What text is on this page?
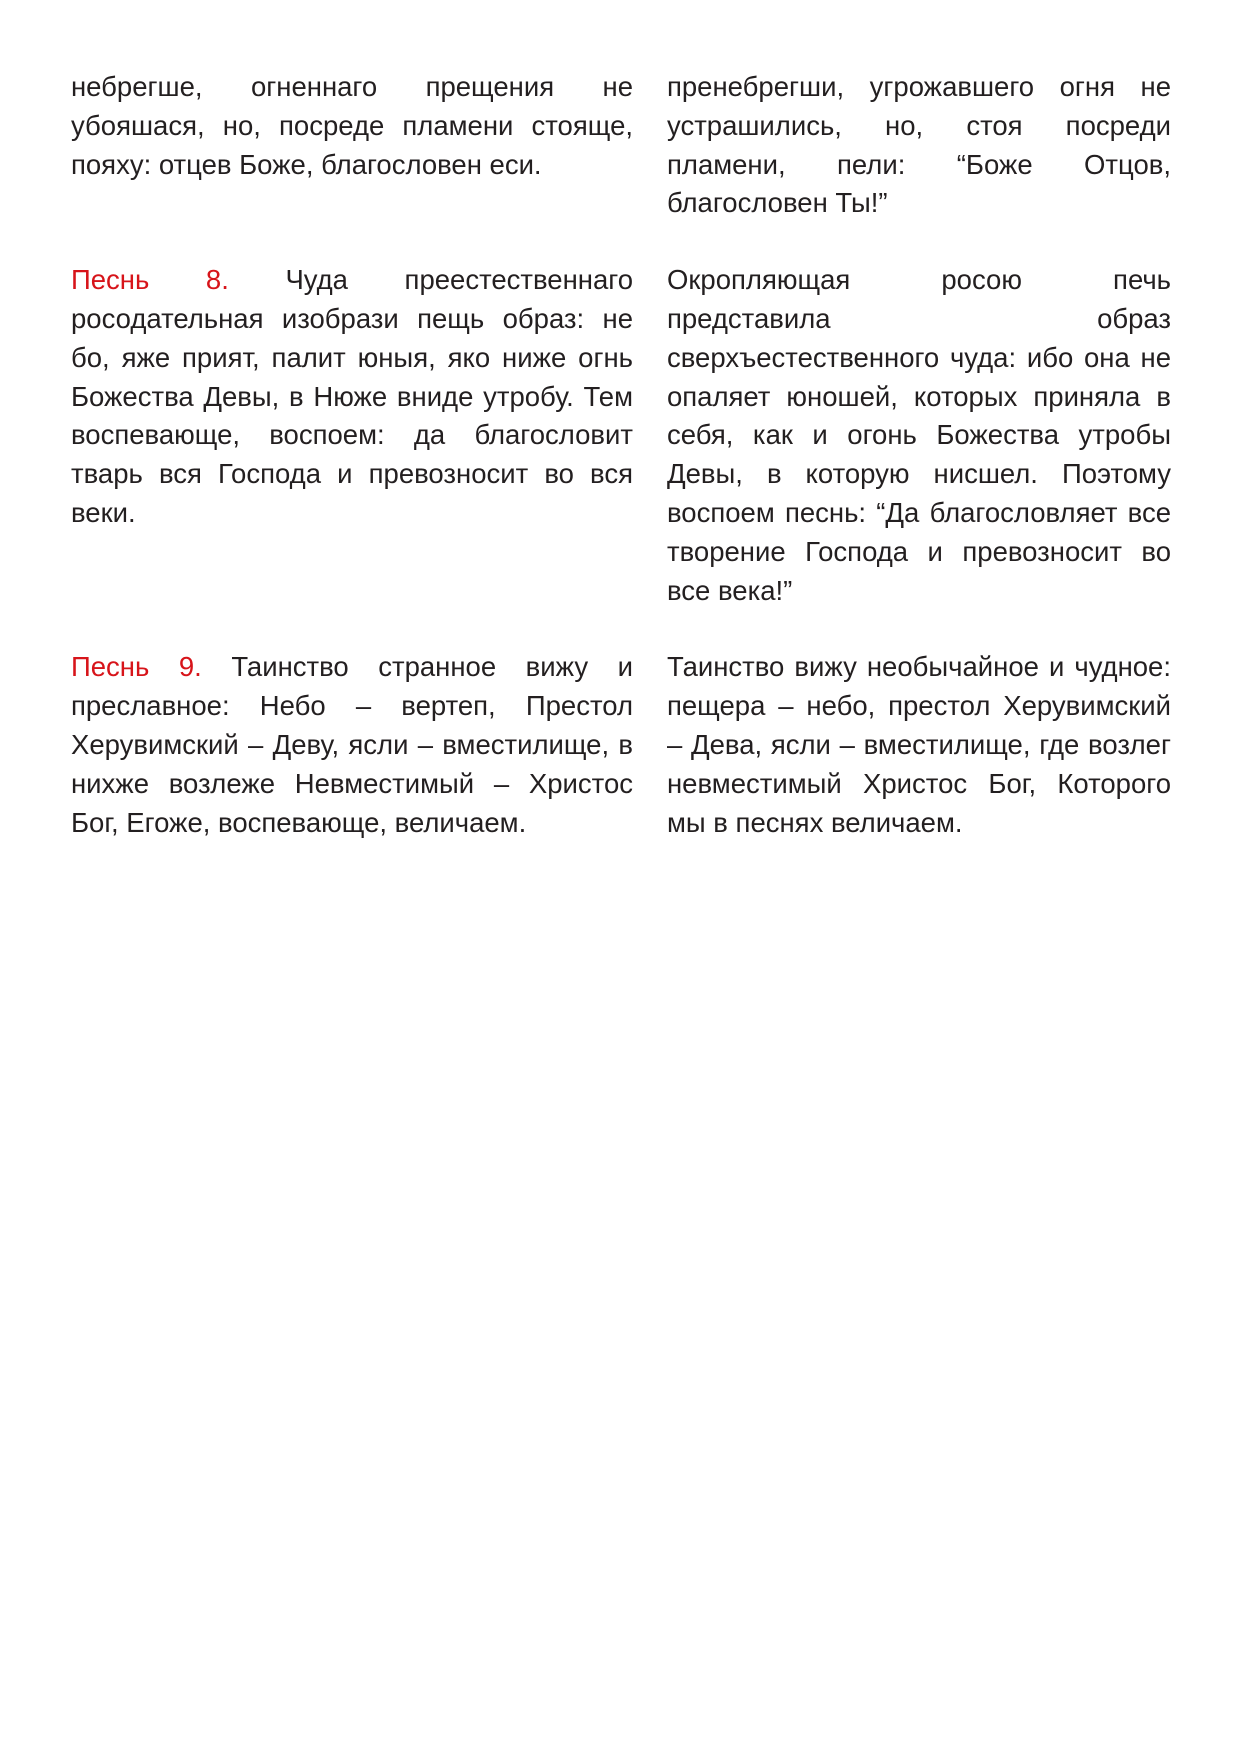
небрегше, огненнаго прещения не убояшася, но, посреде пламени стояще, пояху: отцев Боже, благословен еси.

пренебрегши, угрожавшего огня не устрашились, но, стоя посреди пламени, пели: “Боже Отцов, благословен Ты!”

Песнь 8. Чуда преестественнаго росодательная изобрази пещь образ: не бо, яже прият, палит юныя, яко ниже огнь Божества Девы, в Нюже вниде утробу. Тем воспевающе, воспоем: да благословит тварь вся Господа и превозносит во вся веки.

Окропляющая росою печь представила образ сверхъестественного чуда: ибо она не опаляет юношей, которых приняла в себя, как и огонь Божества утробы Девы, в которую нисшел. Поэтому воспоем песнь: “Да благословляет все творение Господа и превозносит во все века!”

Песнь 9. Таинство странное вижу и преславное: Небо – вертеп, Престол Херувимский – Деву, ясли – вместилище, в нихже возлеже Невместимый – Христос Бог, Егоже, воспевающе, величаем.

Таинство вижу необычайное и чудное: пещера – небо, престол Херувимский – Дева, ясли – вместилище, где возлег невместимый Христос Бог, Которого мы в песнях величаем.
